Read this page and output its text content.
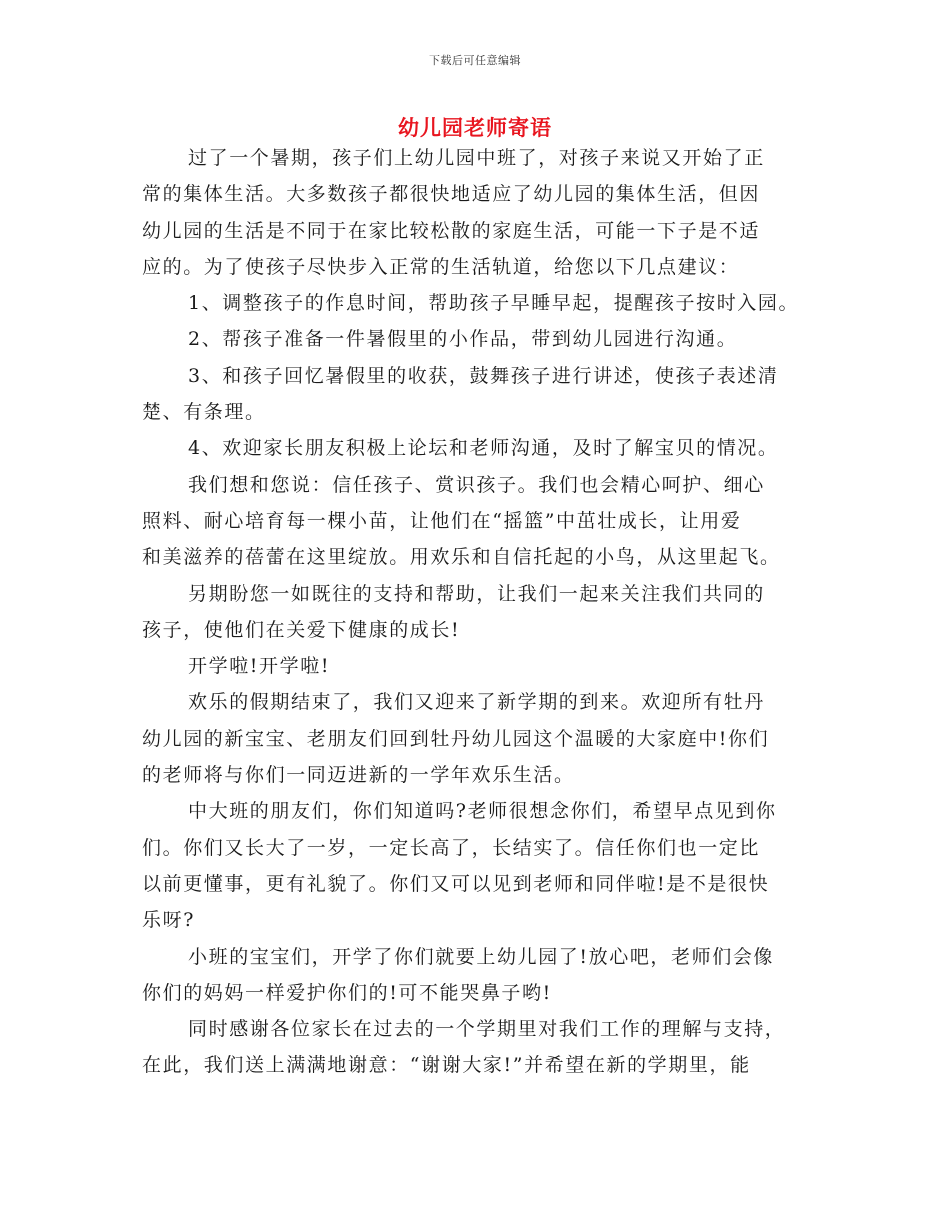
下载后可任意编辑
幼儿园老师寄语
过了一个暑期，孩子们上幼儿园中班了，对孩子来说又开始了正
常的集体生活。大多数孩子都很快地适应了幼儿园的集体生活，但因
幼儿园的生活是不同于在家比较松散的家庭生活，可能一下子是不适
应的。为了使孩子尽快步入正常的生活轨道，给您以下几点建议：
1、调整孩子的作息时间，帮助孩子早睡早起，提醒孩子按时入园。
2、帮孩子准备一件暑假里的小作品，带到幼儿园进行沟通。
3、和孩子回忆暑假里的收获，鼓舞孩子进行讲述，使孩子表述清
楚、有条理。
4、欢迎家长朋友积极上论坛和老师沟通，及时了解宝贝的情况。
我们想和您说：信任孩子、赏识孩子。我们也会精心呵护、细心
照料、耐心培育每一棵小苗，让他们在“摇篮”中茁壮成长，让用爱
和美滋养的蓓蕾在这里绽放。用欢乐和自信托起的小鸟，从这里起飞。
另期盼您一如既往的支持和帮助，让我们一起来关注我们共同的
孩子，使他们在关爱下健康的成长!
开学啦!开学啦!
欢乐的假期结束了，我们又迎来了新学期的到来。欢迎所有牡丹
幼儿园的新宝宝、老朋友们回到牡丹幼儿园这个温暖的大家庭中!你们
的老师将与你们一同迈进新的一学年欢乐生活。
中大班的朋友们，你们知道吗?老师很想念你们，希望早点见到你
们。你们又长大了一岁，一定长高了，长结实了。信任你们也一定比
以前更懂事，更有礼貌了。你们又可以见到老师和同伴啦!是不是很快
乐呀?
小班的宝宝们，开学了你们就要上幼儿园了!放心吧，老师们会像
你们的妈妈一样爱护你们的!可不能哭鼻子哟!
同时感谢各位家长在过去的一个学期里对我们工作的理解与支持，
在此，我们送上满满地谢意：“谢谢大家!”并希望在新的学期里，能
